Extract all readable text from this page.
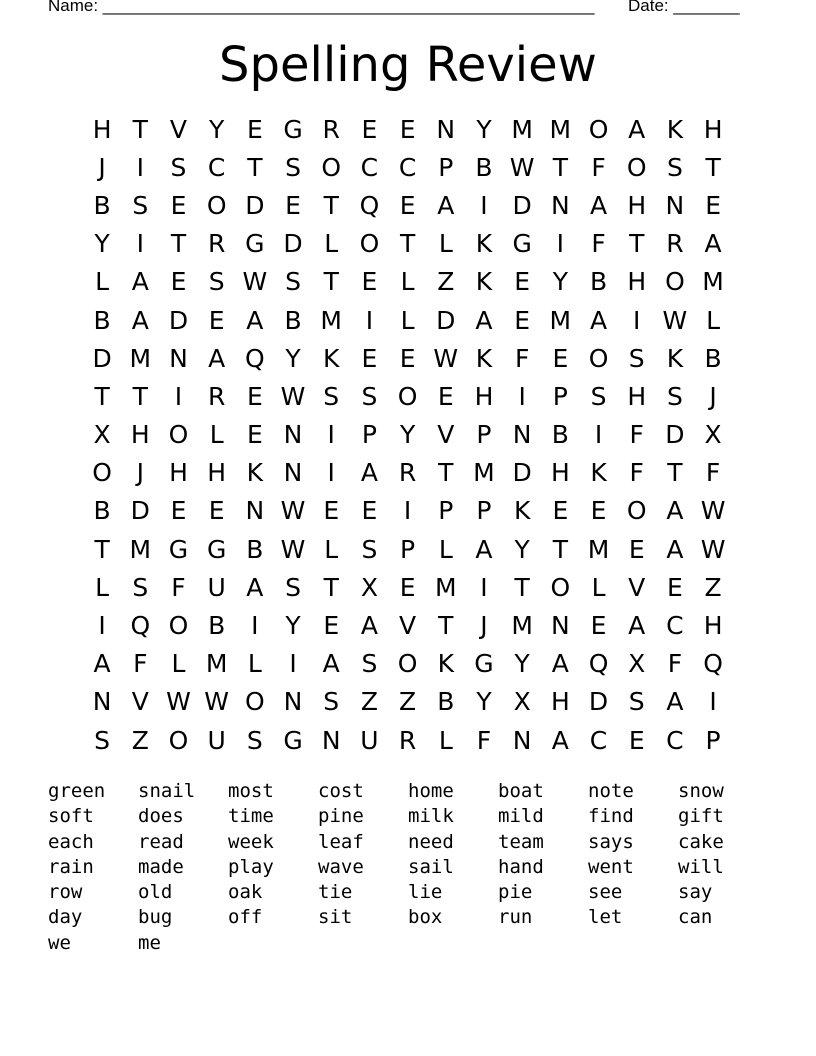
Name: ____________________________________________________ Date: _______
Spelling Review
H T V Y E G R E E N Y M M O A K H
J	I	S C T S O C C P B W T F O S T
B S E O D E T Q E A	I D N A H N E
Y	I	T R G D L O T L K G I	F T R A
L A E S W S T E L Z K E Y B H O M
B A D E A B M I	L D A E M A	I W L
D M N A Q Y K E E W K F E O S K B
T T	I	R E W S S O E H	I	P S H S	J
X H O L E N	I	P Y V P N B	I	F D X
O J	H H K N	I	A R T M D H K F T F
B D E E N W E E	I	P P K E E O A W
T M G G B W L S P L A Y T M E A W
L S F U A S T X E M I	T O L V E Z
I Q O B	I	Y E A V T	J M N E A C H
A F L M L	I	A S O K G Y A Q X F Q
N V W W O N S Z Z B Y X H D S A	I
S Z O U S G N U R L F N A C E C P
green	snail	most	cost	home	boat	note	snow
soft	does	time	pine	milk	mild	find	gift
each	read	week	leaf	need	team	says	cake
rain	made	play	wave	sail	hand	went	will
row	old	oak	tie	lie	pie	see	say
day	bug	off	sit	box	run	let	can
we	me
